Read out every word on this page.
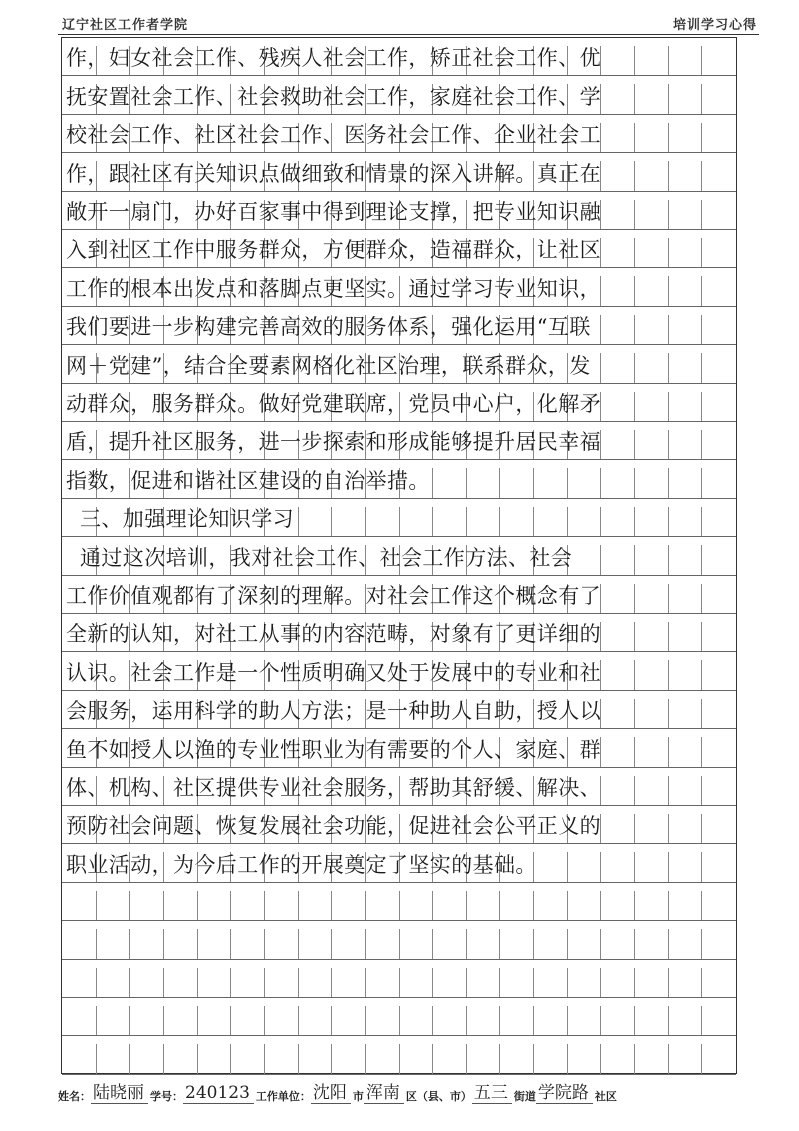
辽宁社区工作者学院	培训学习心得
作，妇女社会工作、残疾人社会工作，矫正社会工作、优
抚安置社会工作、社会救助社会工作，家庭社会工作、学
校社会工作、社区社会工作、医务社会工作、企业社会工
作，跟社区有关知识点做细致和情景的深入讲解。真正在
敞开一扇门，办好百家事中得到理论支撑，把专业知识融
入到社区工作中服务群众，方便群众，造福群众，让社区
工作的根本出发点和落脚点更坚实。通过学习专业知识，
我们要进一步构建完善高效的服务体系，强化运用“互联
网＋党建”，结合全要素网格化社区治理，联系群众，发
动群众，服务群众。做好党建联席，党员中心户，化解矛
盾，提升社区服务，进一步探索和形成能够提升居民幸福
指数，促进和谐社区建设的自治举措。
三、加强理论知识学习
通过这次培训，我对社会工作、社会工作方法、社会
工作价值观都有了深刻的理解。对社会工作这个概念有了
全新的认知，对社工从事的内容范畴，对象有了更详细的
认识。社会工作是一个性质明确又处于发展中的专业和社
会服务，运用科学的助人方法；是一种助人自助，授人以
鱼不如授人以渔的专业性职业为有需要的个人、家庭、群
体、机构、社区提供专业社会服务，帮助其舒缓、解决、
预防社会问题、恢复发展社会功能，促进社会公平正义的
职业活动，为今后工作的开展奠定了坚实的基础。
姓名： 陆晓丽 学号： 240123 工作单位： 沈阳 市 浑南 区（县、市） 五三 街道 学院路 社区
